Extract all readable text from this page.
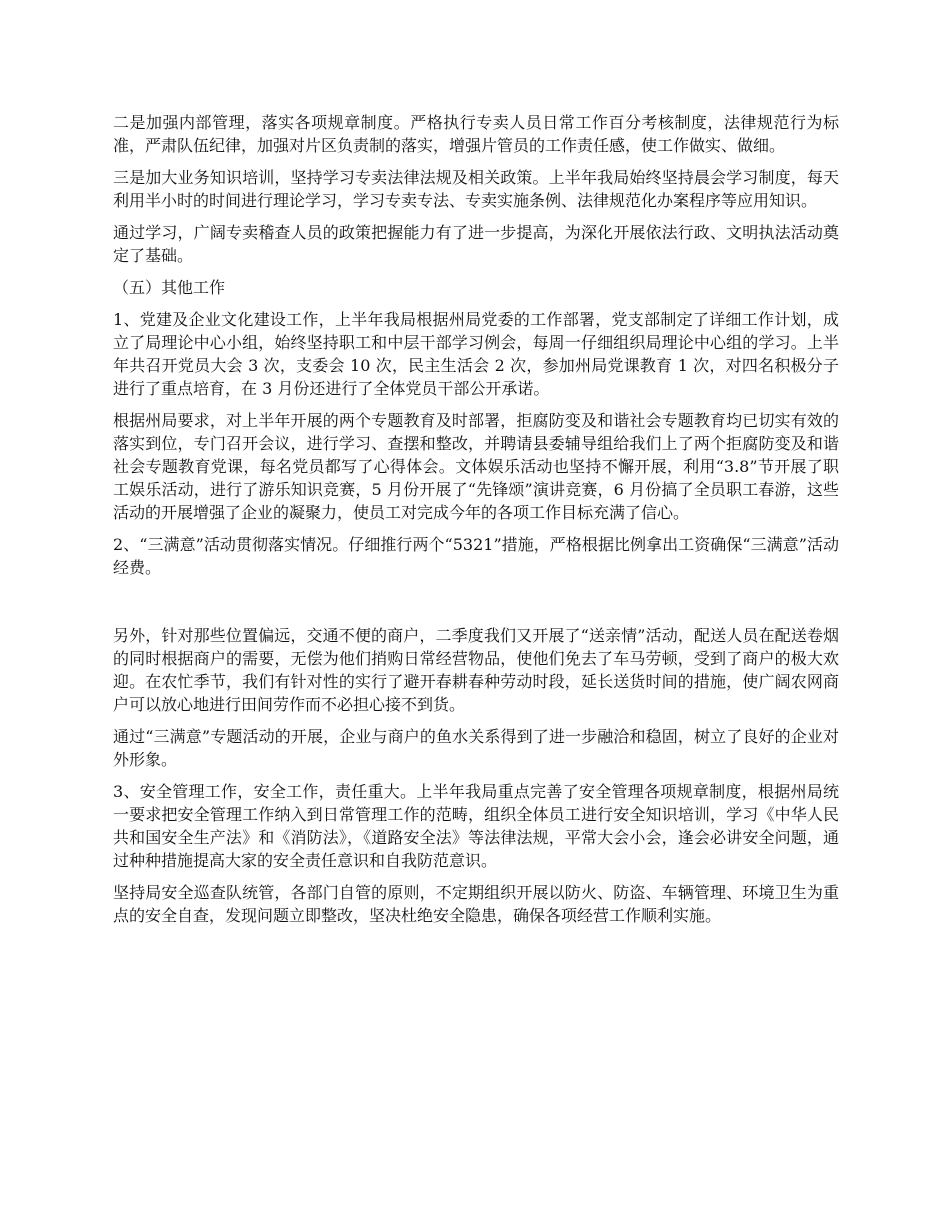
二是加强内部管理，落实各项规章制度。严格执行专卖人员日常工作百分考核制度，法律规范行为标准，严肃队伍纪律，加强对片区负责制的落实，增强片管员的工作责任感，使工作做实、做细。

三是加大业务知识培训，坚持学习专卖法律法规及相关政策。上半年我局始终坚持晨会学习制度，每天利用半小时的时间进行理论学习，学习专卖专法、专卖实施条例、法律规范化办案程序等应用知识。

通过学习，广阔专卖稽查人员的政策把握能力有了进一步提高，为深化开展依法行政、文明执法活动奠定了基础。

（五）其他工作

1、党建及企业文化建设工作，上半年我局根据州局党委的工作部署，党支部制定了详细工作计划，成立了局理论中心小组，始终坚持职工和中层干部学习例会，每周一仔细组织局理论中心组的学习。上半年共召开党员大会 3 次，支委会 10 次，民主生活会 2 次，参加州局党课教育 1 次，对四名积极分子进行了重点培育，在 3 月份还进行了全体党员干部公开承诺。

根据州局要求，对上半年开展的两个专题教育及时部署，拒腐防变及和谐社会专题教育均已切实有效的落实到位，专门召开会议，进行学习、查摆和整改，并聘请县委辅导组给我们上了两个拒腐防变及和谐社会专题教育党课，每名党员都写了心得体会。文体娱乐活动也坚持不懈开展，利用“3.8”节开展了职工娱乐活动，进行了游乐知识竞赛，5 月份开展了“先锋颂”演讲竞赛，6 月份搞了全员职工春游，这些活动的开展增强了企业的凝聚力，使员工对完成今年的各项工作目标充满了信心。

2、“三满意”活动贯彻落实情况。仔细推行两个“5321”措施，严格根据比例拿出工资确保“三满意”活动经费。

另外，针对那些位置偏远，交通不便的商户，二季度我们又开展了“送亲情”活动，配送人员在配送卷烟的同时根据商户的需要，无偿为他们捎购日常经营物品，使他们免去了车马劳顿，受到了商户的极大欢迎。在农忙季节，我们有针对性的实行了避开春耕春种劳动时段，延长送货时间的措施，使广阔农网商户可以放心地进行田间劳作而不必担心接不到货。

通过“三满意”专题活动的开展，企业与商户的鱼水关系得到了进一步融洽和稳固，树立了良好的企业对外形象。

3、安全管理工作，安全工作，责任重大。上半年我局重点完善了安全管理各项规章制度，根据州局统一要求把安全管理工作纳入到日常管理工作的范畴，组织全体员工进行安全知识培训，学习《中华人民共和国安全生产法》和《消防法》，《道路安全法》等法律法规，平常大会小会，逢会必讲安全问题，通过种种措施提高大家的安全责任意识和自我防范意识。

坚持局安全巡查队统管，各部门自管的原则，不定期组织开展以防火、防盗、车辆管理、环境卫生为重点的安全自查，发现问题立即整改，坚决杜绝安全隐患，确保各项经营工作顺利实施。
